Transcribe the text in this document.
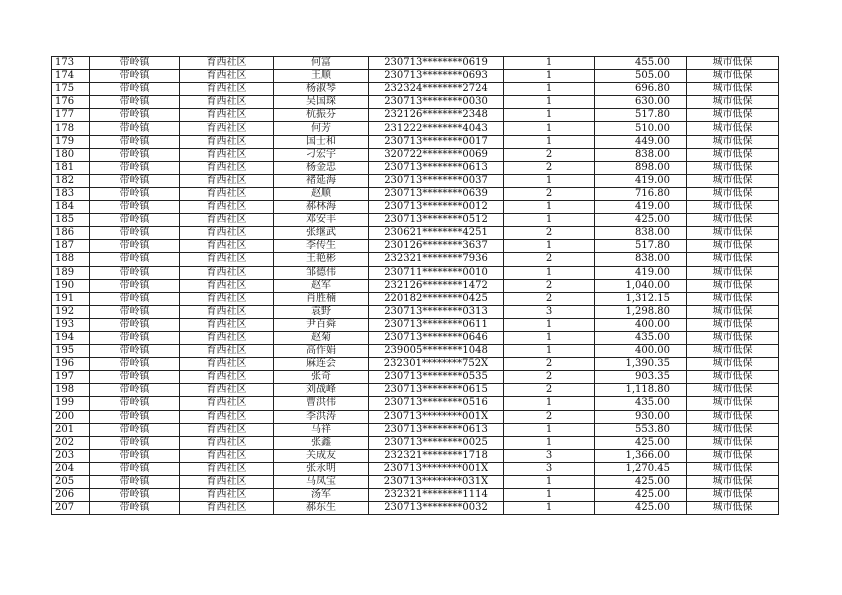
173	带岭镇	育西社区	何富	230713********0619	1	455.00	城市低保
174	带岭镇	育西社区	王顺	230713********0693	1	505.00	城市低保
175	带岭镇	育西社区	杨淑琴	232324********2724	1	696.80	城市低保
176	带岭镇	育西社区	吴国琛	230713********0030	1	630.00	城市低保
177	带岭镇	育西社区	杭振芬	232126********2348	1	517.80	城市低保
178	带岭镇	育西社区	何芳	231222********4043	1	510.00	城市低保
179	带岭镇	育西社区	国士和	230713********0017	1	449.00	城市低保
180	带岭镇	育西社区	刁宏宇	320722********0069	2	838.00	城市低保
181	带岭镇	育西社区	杨金忠	230713********0613	2	898.00	城市低保
182	带岭镇	育西社区	褚延海	230713********0037	1	419.00	城市低保
183	带岭镇	育西社区	赵顺	230713********0639	2	716.80	城市低保
184	带岭镇	育西社区	郝林海	230713********0012	1	419.00	城市低保
185	带岭镇	育西社区	邓安丰	230713********0512	1	425.00	城市低保
186	带岭镇	育西社区	张继武	230621********4251	2	838.00	城市低保
187	带岭镇	育西社区	李传生	230126********3637	1	517.80	城市低保
188	带岭镇	育西社区	王艳彬	232321********7936	2	838.00	城市低保
189	带岭镇	育西社区	邹德伟	230711********0010	1	419.00	城市低保
190	带岭镇	育西社区	赵军	232126********1472	2	1,040.00	城市低保
191	带岭镇	育西社区	肖胜楠	220182********0425	2	1,312.15	城市低保
192	带岭镇	育西社区	袁野	230713********0313	3	1,298.80	城市低保
193	带岭镇	育西社区	尹百舜	230713********0611	1	400.00	城市低保
194	带岭镇	育西社区	赵菊	230713********0646	1	435.00	城市低保
195	带岭镇	育西社区	高作娟	239005********1048	1	400.00	城市低保
196	带岭镇	育西社区	麻连会	232301********752X	2	1,390.35	城市低保
197	带岭镇	育西社区	张奇	230713********0535	2	903.35	城市低保
198	带岭镇	育西社区	刘战峰	230713********0615	2	1,118.80	城市低保
199	带岭镇	育西社区	曹洪伟	230713********0516	1	435.00	城市低保
200	带岭镇	育西社区	李洪涛	230713********001X	2	930.00	城市低保
201	带岭镇	育西社区	马祥	230713********0613	1	553.80	城市低保
202	带岭镇	育西社区	张鑫	230713********0025	1	425.00	城市低保
203	带岭镇	育西社区	关成友	232321********1718	3	1,366.00	城市低保
204	带岭镇	育西社区	张永明	230713********001X	3	1,270.45	城市低保
205	带岭镇	育西社区	马凤宝	230713********031X	1	425.00	城市低保
206	带岭镇	育西社区	汤军	232321********1114	1	425.00	城市低保
207	带岭镇	育西社区	郝东生	230713********0032	1	425.00	城市低保
